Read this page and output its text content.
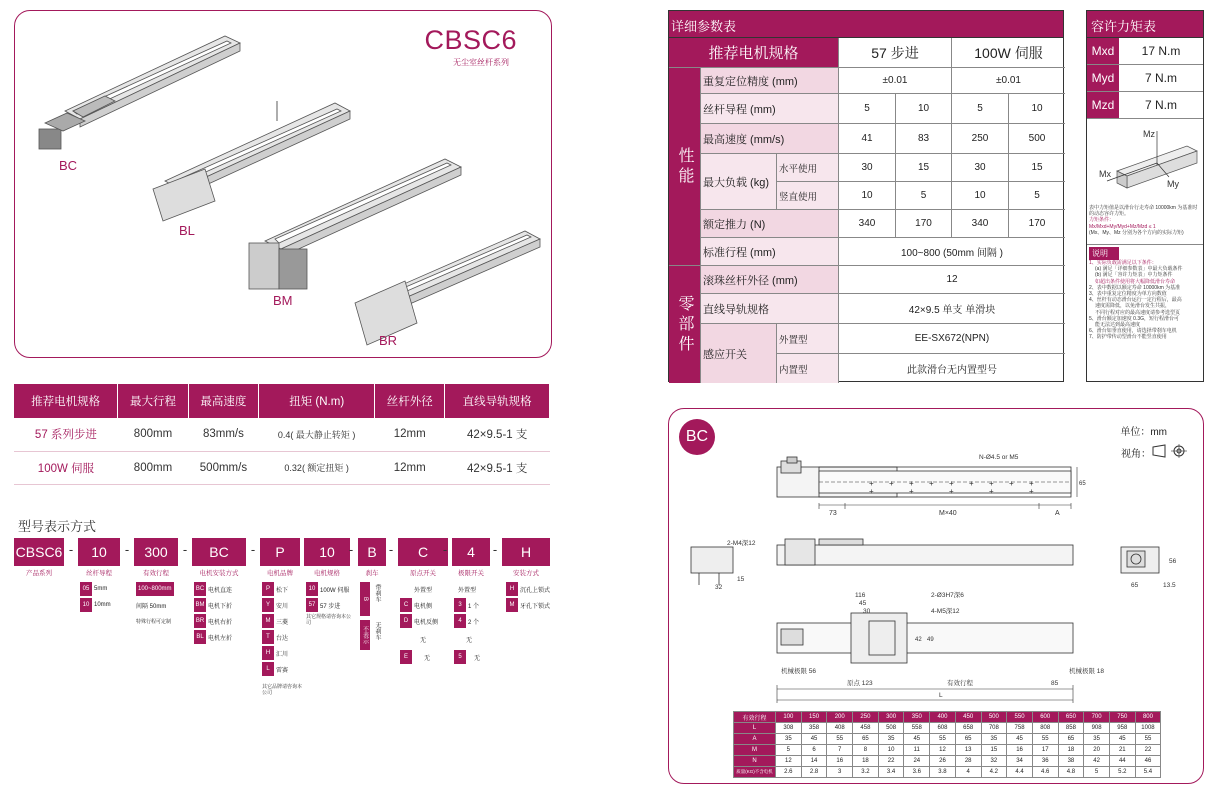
CBSC6
无尘室丝杆系列
BC
BL
BM
BR
推荐电机规格	最大行程	最高速度	扭矩 (N.m)	丝杆外径	直线导轨规格
57 系列步进	800mm	83mm/s	0.4( 最大静止转矩 )	12mm	42×9.5-1 支
100W 伺服	800mm	500mm/s	0.32( 额定扭矩 )	12mm	42×9.5-1 支
型号表示方式
CBSC6 -	10	-	300	-	BC	-	P	10	-	B -	C	-	4	-	H
产品系列	丝杆导程	有效行程	电机安装方式	电机品牌	电机规格	刹车	原点开关	极限开关	安装方式
05 5mm
10 10mm
100~800mm
间隔 50mm
特殊行程可定制
BC 电机直连
BM 电机下折
BR 电机右折
BL 电机左折
P	松下
Y	安川
M 三菱
T	台达
H 汇川
L	雷赛
其它品牌请咨询本公司
10 100W 伺服
57 57 步进
其它规格请咨询本公司
B	带刹车
不表示	无刹车
外置型
C 电机侧
D 电机反侧
无
E	无
外置型
3	1 个
4	2 个
无
5	无
H 沉孔上锁式
M 牙孔下锁式
详细参数表
推荐电机规格	57 步进	100W 伺服
性能
零部件
重复定位精度 (mm)	±0.01	±0.01
丝杆导程 (mm)	5	10	5	10
最高速度 (mm/s)	41	83	250	500
最大负载 (kg)
水平使用	30	15	30	15
竖直使用	10	5	10	5
额定推力 (N)	340	170	340	170
标准行程 (mm)	100~800 (50mm 间隔 )
滚珠丝杆外径 (mm)	12
直线导轨规格	42×9.5 单支 单滑块
感应开关
外置型	EE-SX672(NPN)
内置型	此款滑台无内置型号
容许力矩表
Mxd	17 N.m
Myd	7 N.m
Mzd	7 N.m
Mz
Mx
My
表中力矩值是以滑台行走寿命 10000km 为基准时的动态容许力矩。
力矩条件：
Mx/Mxd+My/Myd+Mz/Mzd ≤ 1
(Mx、My、Mz 分别为各个方向的实际力矩)
说明
1、实际负载需满足以下条件：
(a) 满足「详细参数表」中最大负载条件
(b) 满足「容许力矩表」中力矩条件
如超出条件使用将大幅降低滑台寿命
2、表中数据以额定寿命 10000km 为基准
3、表中重复定位精度为单方向数值
4、丝杆有动态滑台运行一定行程后，最高
速度需降低，以免滑台发生共振，
不同行程对应的最高速度请参考选型页
5、滑台额定加速度 0.3G，短行程滑台可
能无法达到最高速度
6、滑台如垂直使用，请选择带刹车电机
7、防护带传动型滑台不能竖直使用
BC	单位：mm
视角：
+ + + + + + + + +
+	+	+	+	+
N-Ø4.5 or M5
73	M×40	A
65
2-M4深12
32
15
56
65	13.5
116
45
30
2-Ø3H7深6
4-M5深12
42 49
机械极限 56	机械极限 18
原点 123	有效行程	85
L
有效行程	100	150	200	250	300	350	400	450	500	550	600	650	700	750	800
L	308	358	408	458	508	558	608	658	708	758	808	858	908	958	1008
A	35	45	55	65	35	45	55	65	35	45	55	65	35	45	55
M	5	6	7	8	10	11	12	13	15	16	17	18	20	21	22
N	12	14	16	18	22	24	26	28	32	34	36	38	42	44	46
质量(KG)不含电机	2.6	2.8	3	3.2	3.4	3.6	3.8	4	4.2	4.4	4.6	4.8	5	5.2	5.4
